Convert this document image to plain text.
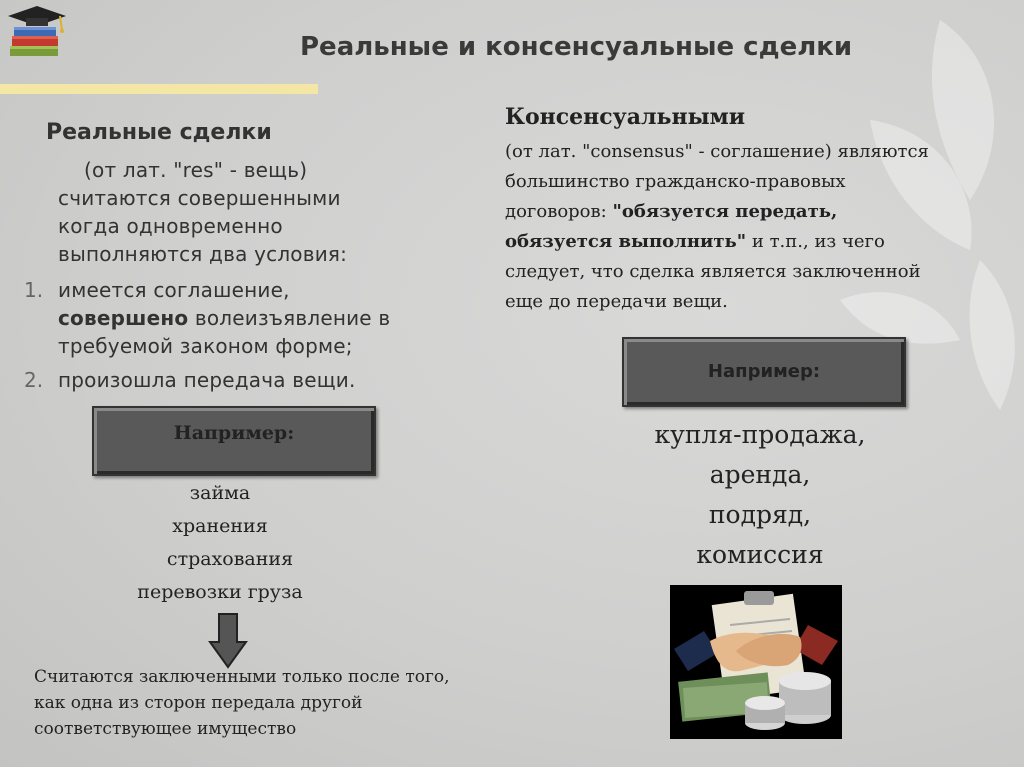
Реальные и консенсуальные сделки
Реальные сделки
(от лат. "res" - вещь)
считаются совершенными
когда одновременно
выполняются два условия:
1. имеется соглашение,
совершено волеизъявление в
требуемой законом форме;
2. произошла передача вещи.
Например:
займа
хранения
страхования
перевозки груза
Считаются заключенными только после того, как одна из сторон передала другой соответствующее имущество
Консенсуальными
(от лат. "consensus" - соглашение) являются
большинство гражданско-правовых
договоров: "обязуется передать,
обязуется выполнить" и т.п., из чего
следует, что сделка является заключенной
еще до передачи вещи.
Например:
купля-продажа,
аренда,
подряд,
комиссия
